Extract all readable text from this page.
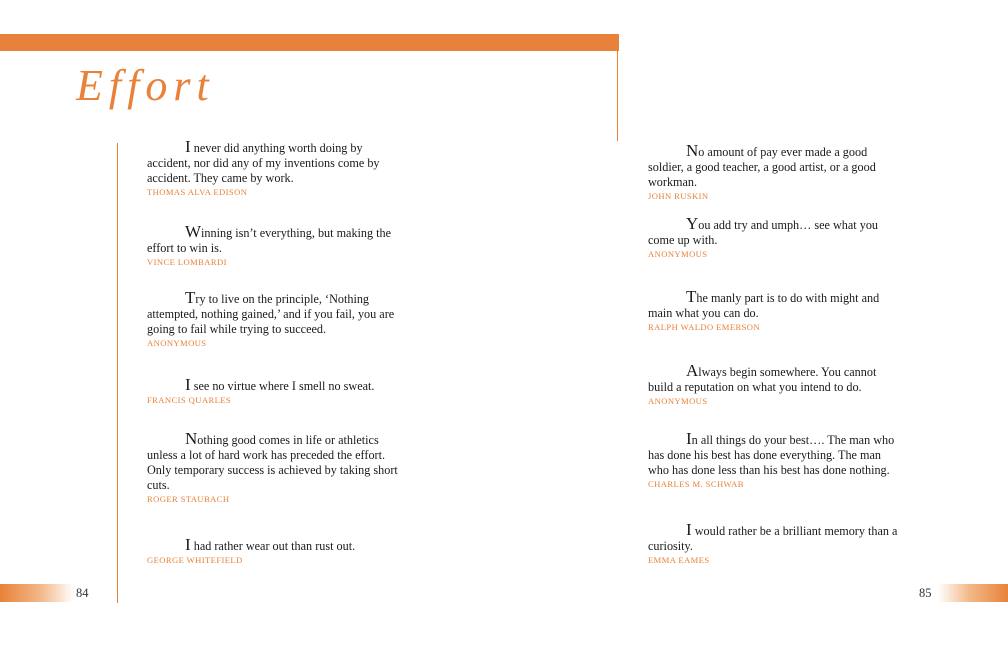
Effort

I never did anything worth doing by accident, nor did any of my inventions come by accident. They came by work.

THOMAS ALVA EDISON

Winning isn’t everything, but making the effort to win is.

VINCE LOMBARDI

Try to live on the principle, ‘Nothing attempted, nothing gained,’ and if you fail, you are going to fail while trying to succeed.

ANONYMOUS

I see no virtue where I smell no sweat.

FRANCIS QUARLES

Nothing good comes in life or athletics unless a lot of hard work has preceded the effort. Only temporary success is achieved by taking short cuts.

ROGER STAUBACH

I had rather wear out than rust out.

GEORGE WHITEFIELD

No amount of pay ever made a good soldier, a good teacher, a good artist, or a good workman.

JOHN RUSKIN

You add try and umph… see what you come up with.

ANONYMOUS

The manly part is to do with might and main what you can do.

RALPH WALDO EMERSON

Always begin somewhere. You cannot build a reputation on what you intend to do.

ANONYMOUS

In all things do your best…. The man who has done his best has done everything. The man who has done less than his best has done nothing.

CHARLES M. SCHWAB

I would rather be a brilliant memory than a curiosity.

EMMA EAMES
84	85
